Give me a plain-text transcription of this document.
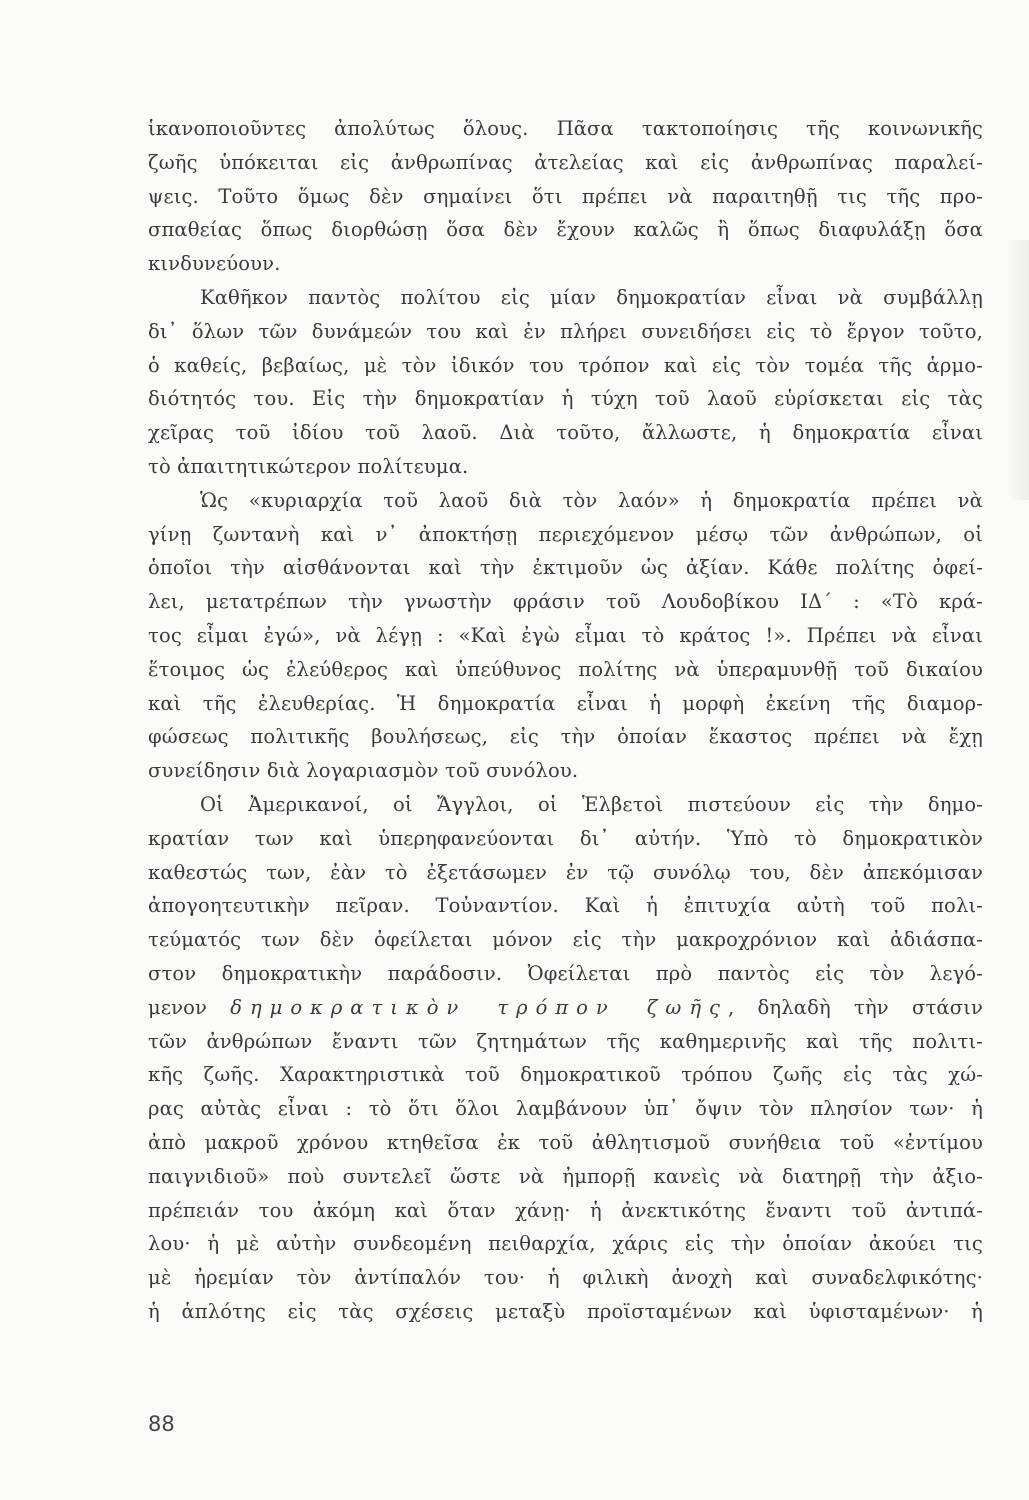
ἱκανοποιοῦντες ἀπολύτως ὅλους. Πᾶσα τακτοποίησις τῆς κοινωνικῆς
ζωῆς ὑπόκειται εἰς ἀνθρωπίνας ἀτελείας καὶ εἰς ἀνθρωπίνας παραλεί-
ψεις. Τοῦτο ὅμως δὲν σημαίνει ὅτι πρέπει νὰ παραιτηθῇ τις τῆς προ-
σπαθείας ὅπως διορθώσῃ ὅσα δὲν ἔχουν καλῶς ἢ ὅπως διαφυλάξῃ ὅσα
κινδυνεύουν.
Καθῆκον παντὸς πολίτου εἰς μίαν δημοκρατίαν εἶναι νὰ συμβάλλῃ
δι᾽ ὅλων τῶν δυνάμεών του καὶ ἐν πλήρει συνειδήσει εἰς τὸ ἔργον τοῦτο,
ὁ καθείς, βεβαίως, μὲ τὸν ἰδικόν του τρόπον καὶ εἰς τὸν τομέα τῆς ἁρμο-
διότητός του. Εἰς τὴν δημοκρατίαν ἡ τύχη τοῦ λαοῦ εὑρίσκεται εἰς τὰς
χεῖρας τοῦ ἰδίου τοῦ λαοῦ. Διὰ τοῦτο, ἄλλωστε, ἡ δημοκρατία εἶναι
τὸ ἀπαιτητικώτερον πολίτευμα.
Ὡς «κυριαρχία τοῦ λαοῦ διὰ τὸν λαόν» ἡ δημοκρατία πρέπει νὰ
γίνῃ ζωντανὴ καὶ ν᾽ ἀποκτήσῃ περιεχόμενον μέσῳ τῶν ἀνθρώπων, οἱ
ὁποῖοι τὴν αἰσθάνονται καὶ τὴν ἐκτιμοῦν ὡς ἀξίαν. Κάθε πολίτης ὀφεί-
λει, μετατρέπων τὴν γνωστὴν φράσιν τοῦ Λουδοβίκου ΙΔ΄ : «Τὸ κρά-
τος εἶμαι ἐγώ», νὰ λέγῃ : «Καὶ ἐγὼ εἶμαι τὸ κράτος !». Πρέπει νὰ εἶναι
ἕτοιμος ὡς ἐλεύθερος καὶ ὑπεύθυνος πολίτης νὰ ὑπεραμυνθῇ τοῦ δικαίου
καὶ τῆς ἐλευθερίας. Ἡ δημοκρατία εἶναι ἡ μορφὴ ἐκείνη τῆς διαμορ-
φώσεως πολιτικῆς βουλήσεως, εἰς τὴν ὁποίαν ἕκαστος πρέπει νὰ ἔχῃ
συνείδησιν διὰ λογαριασμὸν τοῦ συνόλου.
Οἱ Ἀμερικανοί, οἱ Ἄγγλοι, οἱ Ἑλβετοὶ πιστεύουν εἰς τὴν δημο-
κρατίαν των καὶ ὑπερηφανεύονται δι᾽ αὐτήν. Ὑπὸ τὸ δημοκρατικὸν
καθεστώς των, ἐὰν τὸ ἐξετάσωμεν ἐν τῷ συνόλῳ του, δὲν ἀπεκόμισαν
ἀπογοητευτικὴν πεῖραν. Τοὐναντίον. Καὶ ἡ ἐπιτυχία αὐτὴ τοῦ πολι-
τεύματός των δὲν ὀφείλεται μόνον εἰς τὴν μακροχρόνιον καὶ ἀδιάσπα-
στον δημοκρατικὴν παράδοσιν. Ὀφείλεται πρὸ παντὸς εἰς τὸν λεγό-
μενον δημοκρατικὸν τρόπον ζωῆς, δηλαδὴ τὴν στάσιν
τῶν ἀνθρώπων ἔναντι τῶν ζητημάτων τῆς καθημερινῆς καὶ τῆς πολιτι-
κῆς ζωῆς. Χαρακτηριστικὰ τοῦ δημοκρατικοῦ τρόπου ζωῆς εἰς τὰς χώ-
ρας αὐτὰς εἶναι : τὸ ὅτι ὅλοι λαμβάνουν ὑπ᾽ ὄψιν τὸν πλησίον των· ἡ
ἀπὸ μακροῦ χρόνου κτηθεῖσα ἐκ τοῦ ἀθλητισμοῦ συνήθεια τοῦ «ἐντίμου
παιγνιδιοῦ» ποὺ συντελεῖ ὥστε νὰ ἠμπορῇ κανεὶς νὰ διατηρῇ τὴν ἀξιο-
πρέπειάν του ἀκόμη καὶ ὅταν χάνῃ· ἡ ἀνεκτικότης ἔναντι τοῦ ἀντιπά-
λου· ἡ μὲ αὐτὴν συνδεομένη πειθαρχία, χάρις εἰς τὴν ὁποίαν ἀκούει τις
μὲ ἠρεμίαν τὸν ἀντίπαλόν του· ἡ φιλικὴ ἀνοχὴ καὶ συναδελφικότης·
ἡ ἁπλότης εἰς τὰς σχέσεις μεταξὺ προϊσταμένων καὶ ὑφισταμένων· ἡ
88
